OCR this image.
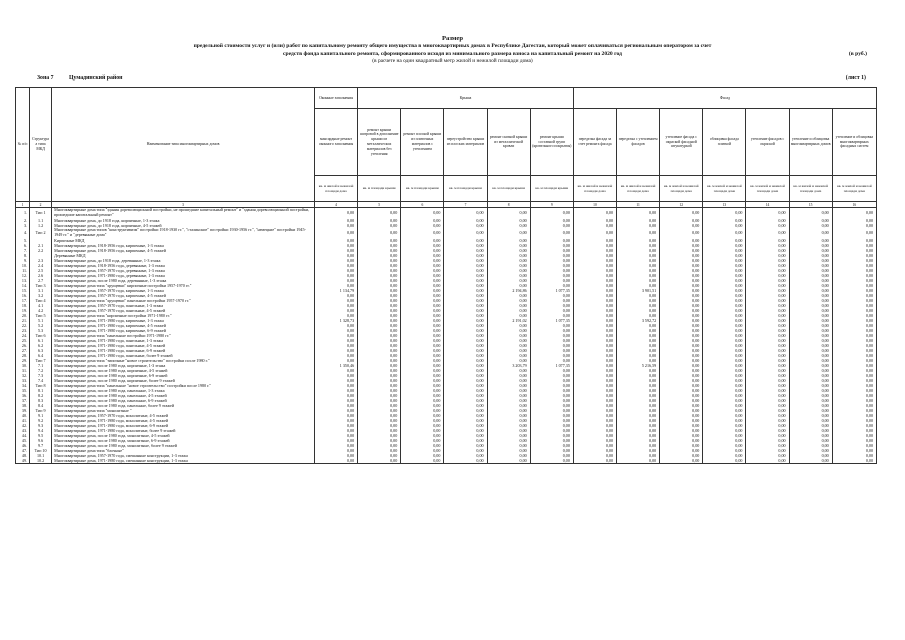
Размер
предельной стоимости услуг и (или) работ по капитальному ремонту общего имущества в многоквартирных домах в Республике Дагестан, который может оплачиваться региональным оператором за счет
средств фонда капитального ремонта, сформированного исходя из минимального размера взноса на капитальный ремонт на 2020 год	(в руб.)
(в расчете на один квадратный метр жилой и нежилой площади дома)
Зона 7	Цумадинский район	(лист 1)
№ п/п	Структура а типа МКД	Наименование типа многоквартирных домов	Оконные заполнения	Крыша					Фасад						
			мансардные ремонт оконного заполнения	ремонт крыши шатровой в дополнение крыши из металлических материалов без утепления	ремонт плоской крыши из плиточных материалов с утеплением	переустройство крыши из плоских материалов	ремонт скатной крыши из металлической кровли	ремонт крыши составной групп (кровельного покрытия)	переделка фасада за счет ремонта фасада	переделка с утеплением фасадов	утепление фасада с окраской фасадной штукатуркой	облицовка фасада плиткой	утепление фасадов с окраской	утепление и облицовка многоквартирных домов	утепление и облицовка многоквартирных фасадных систем
			кв. м жилой и нежилой площади дома	кв. м площади крыши	кв. м площади крыши	кв. м площади крыши	кв. м площади крыши	кв. м площади крыши	кв. м жилой и нежилой площади дома	кв. м жилой и нежилой площади дома	кв. м жилой и нежилой площади дома	кв. м жилой и нежилой площади дома	кв. м жилой и нежилой площади дома	кв. м жилой и нежилой площади дома	кв. м жилой и нежилой площади дома
1	2	3	4	5	6	7	8	9	10	11	12	13	14	15	16
1.	Тип 1	Многоквартирные дома типа "здания дореволюционной постройки, не прошедшие капитальный ремонт" и "здания дореволюционной постройки, прошедшие капитальный ремонт"	0,00	0,00	0,00	0,00	0,00	0,00	0,00	0,00	0,00	0,00	0,00	0,00	0,00
2.	1.1	Многоквартирные дома, до 1918 года, кирпичные, 1-3 этажа	0,00	0,00	0,00	0,00	0,00	0,00	0,00	0,00	0,00	0,00	0,00	0,00	0,00
3.	1.2	Многоквартирные дома, до 1918 года, кирпичные, 4-5 этажей	0,00	0,00	0,00	0,00	0,00	0,00	0,00	0,00	0,00	0,00	0,00	0,00	0,00
4.	Тип 2	Многоквартирные дома типов "конструктивизм" постройки 1918-1930 гг.", "сталинские" постройки 1930-1956 гг.", "немецкие" постройки 1945-1949 гг." и "деревянные дома"	0,00	0,00	0,00	0,00	0,00	0,00	0,00	0,00	0,00	0,00	0,00	0,00	0,00
5.		Кирпичные МКД	0,00	0,00	0,00	0,00	0,00	0,00	0,00	0,00	0,00	0,00	0,00	0,00	0,00
6.	2.1	Многоквартирные дома, 1918-1956 года, кирпичные, 1-3 этажа	0,00	0,00	0,00	0,00	0,00	0,00	0,00	0,00	0,00	0,00	0,00	0,00	0,00
7.	2.2	Многоквартирные дома, 1918-1956 года, кирпичные, 4-5 этажей	0,00	0,00	0,00	0,00	0,00	0,00	0,00	0,00	0,00	0,00	0,00	0,00	0,00
8.		Деревянные МКД	0,00	0,00	0,00	0,00	0,00	0,00	0,00	0,00	0,00	0,00	0,00	0,00	0,00
9.	2.3	Многоквартирные дома, до 1918 года, деревянные, 1-3 этажа	0,00	0,00	0,00	0,00	0,00	0,00	0,00	0,00	0,00	0,00	0,00	0,00	0,00
10.	2.4	Многоквартирные дома, 1918-1956 года, деревянные, 1-3 этажа	0,00	0,00	0,00	0,00	0,00	0,00	0,00	0,00	0,00	0,00	0,00	0,00	0,00
11.	2.5	Многоквартирные дома, 1957-1970 года, деревянные, 1-3 этажа	0,00	0,00	0,00	0,00	0,00	0,00	0,00	0,00	0,00	0,00	0,00	0,00	0,00
12.	2.6	Многоквартирные дома, 1971-1980 года, деревянные, 1-3 этажа	0,00	0,00	0,00	0,00	0,00	0,00	0,00	0,00	0,00	0,00	0,00	0,00	0,00
13.	2.7	Многоквартирные дома, после 1980 года, деревянные, 1-3 этажа	0,00	0,00	0,00	0,00	0,00	0,00	0,00	0,00	0,00	0,00	0,00	0,00	0,00
14.	Тип 3	Многоквартирные дома типа "хрущевки" кирпичные постройки 1957-1970 гг."	0,00	0,00	0,00	0,00	0,00	0,00	0,00	0,00	0,00	0,00	0,00	0,00	0,00
15.	3.1	Многоквартирные дома, 1957-1970 года, кирпичные, 1-3 этажа	1 134,79	0,00	0,00	0,00	2 194,86	1 077,35	0,00	3 901,51	0,00	0,00	0,00	0,00	0,00
16.	3.2	Многоквартирные дома, 1957-1970 года, кирпичные, 4-5 этажей	0,00	0,00	0,00	0,00	0,00	0,00	0,00	0,00	0,00	0,00	0,00	0,00	0,00
17.	Тип 4	Многоквартирные дома типа "хрущевки" панельные постройки 1957-1970 гг."	0,00	0,00	0,00	0,00	0,00	0,00	0,00	0,00	0,00	0,00	0,00	0,00	0,00
18.	4.1	Многоквартирные дома, 1957-1970 года, панельные, 1-3 этажа	0,00	0,00	0,00	0,00	0,00	0,00	0,00	0,00	0,00	0,00	0,00	0,00	0,00
19.	4.2	Многоквартирные дома, 1957-1970 года, панельные, 4-5 этажей	0,00	0,00	0,00	0,00	0,00	0,00	0,00	0,00	0,00	0,00	0,00	0,00	0,00
20.	Тип 5	Многоквартирные дома типа "кирпичные постройки 1971-1980 гг."	0,00	0,00	0,00	0,00	0,00	0,00	0,00	0,00	0,00	0,00	0,00	0,00	0,00
21.	5.1	Многоквартирные дома, 1971-1980 года, кирпичные, 1-3 этажа	1 328,73	0,00	0,00	0,00	2 191,02	1 077,35	0,00	3 592,72	0,00	0,00	0,00	0,00	0,00
22.	5.2	Многоквартирные дома, 1971-1980 года, кирпичные, 4-5 этажей	0,00	0,00	0,00	0,00	0,00	0,00	0,00	0,00	0,00	0,00	0,00	0,00	0,00
23.	5.3	Многоквартирные дома, 1971-1980 года, кирпичные, 6-9 этажей	0,00	0,00	0,00	0,00	0,00	0,00	0,00	0,00	0,00	0,00	0,00	0,00	0,00
24.	Тип 6	Многоквартирные дома типа "панельные постройки 1971-1980 гг."	0,00	0,00	0,00	0,00	0,00	0,00	0,00	0,00	0,00	0,00	0,00	0,00	0,00
25.	6.1	Многоквартирные дома, 1971-1980 года, панельные, 1-3 этажа	0,00	0,00	0,00	0,00	0,00	0,00	0,00	0,00	0,00	0,00	0,00	0,00	0,00
26.	6.2	Многоквартирные дома, 1971-1980 года, панельные, 4-5 этажей	0,00	0,00	0,00	0,00	0,00	0,00	0,00	0,00	0,00	0,00	0,00	0,00	0,00
27.	6.3	Многоквартирные дома, 1971-1980 года, панельные, 6-9 этажей	0,00	0,00	0,00	0,00	0,00	0,00	0,00	0,00	0,00	0,00	0,00	0,00	0,00
28.	6.4	Многоквартирные дома, 1971-1980 года, панельные, более 9 этажей	0,00	0,00	0,00	0,00	0,00	0,00	0,00	0,00	0,00	0,00	0,00	0,00	0,00
29.	Тип 7	Многоквартирные дома типа "типичные "новое строительство" постройки после 1980 г."	0,00	0,00	0,00	0,00	0,00	0,00	0,00	0,00	0,00	0,00	0,00	0,00	0,00
30.	7.1	Многоквартирные дома, после 1980 года, кирпичные, 1-3 этажа	1 350,46	0,00	0,00	0,00	3 203,79	1 077,35	0,00	5 216,59	0,00	0,00	0,00	0,00	0,00
31.	7.2	Многоквартирные дома, после 1980 года, кирпичные, 4-5 этажей	0,00	0,00	0,00	0,00	0,00	0,00	0,00	0,00	0,00	0,00	0,00	0,00	0,00
32.	7.3	Многоквартирные дома, после 1980 года, кирпичные, 6-9 этажей	0,00	0,00	0,00	0,00	0,00	0,00	0,00	0,00	0,00	0,00	0,00	0,00	0,00
33.	7.4	Многоквартирные дома, после 1980 года, кирпичные, более 9 этажей	0,00	0,00	0,00	0,00	0,00	0,00	0,00	0,00	0,00	0,00	0,00	0,00	0,00
34.	Тип 8	Многоквартирные дома типа "панельные "новое строительство" постройки после 1980 г."	0,00	0,00	0,00	0,00	0,00	0,00	0,00	0,00	0,00	0,00	0,00	0,00	0,00
35.	8.1	Многоквартирные дома, после 1980 года, панельные, 1-3 этажа	0,00	0,00	0,00	0,00	0,00	0,00	0,00	0,00	0,00	0,00	0,00	0,00	0,00
36.	8.2	Многоквартирные дома, после 1980 года, панельные, 4-5 этажей	0,00	0,00	0,00	0,00	0,00	0,00	0,00	0,00	0,00	0,00	0,00	0,00	0,00
37.	8.3	Многоквартирные дома, после 1980 года, панельные, 6-9 этажей	0,00	0,00	0,00	0,00	0,00	0,00	0,00	0,00	0,00	0,00	0,00	0,00	0,00
38.	8.4	Многоквартирные дома, после 1980 года, панельные, более 9 этажей	0,00	0,00	0,00	0,00	0,00	0,00	0,00	0,00	0,00	0,00	0,00	0,00	0,00
39.	Тип 9	Многоквартирные дома типа "монолитные "	0,00	0,00	0,00	0,00	0,00	0,00	0,00	0,00	0,00	0,00	0,00	0,00	0,00
40.	9.1	Многоквартирные дома, 1957-1970 года, монолитные, 4-5 этажей	0,00	0,00	0,00	0,00	0,00	0,00	0,00	0,00	0,00	0,00	0,00	0,00	0,00
41.	9.2	Многоквартирные дома, 1971-1980 года, монолитные, 4-5 этажей	0,00	0,00	0,00	0,00	0,00	0,00	0,00	0,00	0,00	0,00	0,00	0,00	0,00
42.	9.3	Многоквартирные дома, 1971-1980 года, монолитные, 6-9 этажей	0,00	0,00	0,00	0,00	0,00	0,00	0,00	0,00	0,00	0,00	0,00	0,00	0,00
43.	9.4	Многоквартирные дома, 1971-1980 года, монолитные, более 9 этажей	0,00	0,00	0,00	0,00	0,00	0,00	0,00	0,00	0,00	0,00	0,00	0,00	0,00
44.	9.5	Многоквартирные дома, после 1980 года, монолитные, 4-5 этажей	0,00	0,00	0,00	0,00	0,00	0,00	0,00	0,00	0,00	0,00	0,00	0,00	0,00
45.	9.6	Многоквартирные дома, после 1980 года, монолитные, 6-9 этажей	0,00	0,00	0,00	0,00	0,00	0,00	0,00	0,00	0,00	0,00	0,00	0,00	0,00
46.	9.7	Многоквартирные дома, после 1980 года, монолитные, более 9 этажей	0,00	0,00	0,00	0,00	0,00	0,00	0,00	0,00	0,00	0,00	0,00	0,00	0,00
47.	Тип 10	Многоквартирные дома типа "блочные"	0,00	0,00	0,00	0,00	0,00	0,00	0,00	0,00	0,00	0,00	0,00	0,00	0,00
48.	10.1	Многоквартирные дома, 1957-1970 года, смешанные конструкции, 1-3 этажа	0,00	0,00	0,00	0,00	0,00	0,00	0,00	0,00	0,00	0,00	0,00	0,00	0,00
49.	10.2	Многоквартирные дома, 1971-1980 года, смешанные конструкции, 1-3 этажа	0,00	0,00	0,00	0,00	0,00	0,00	0,00	0,00	0,00	0,00	0,00	0,00	0,00
